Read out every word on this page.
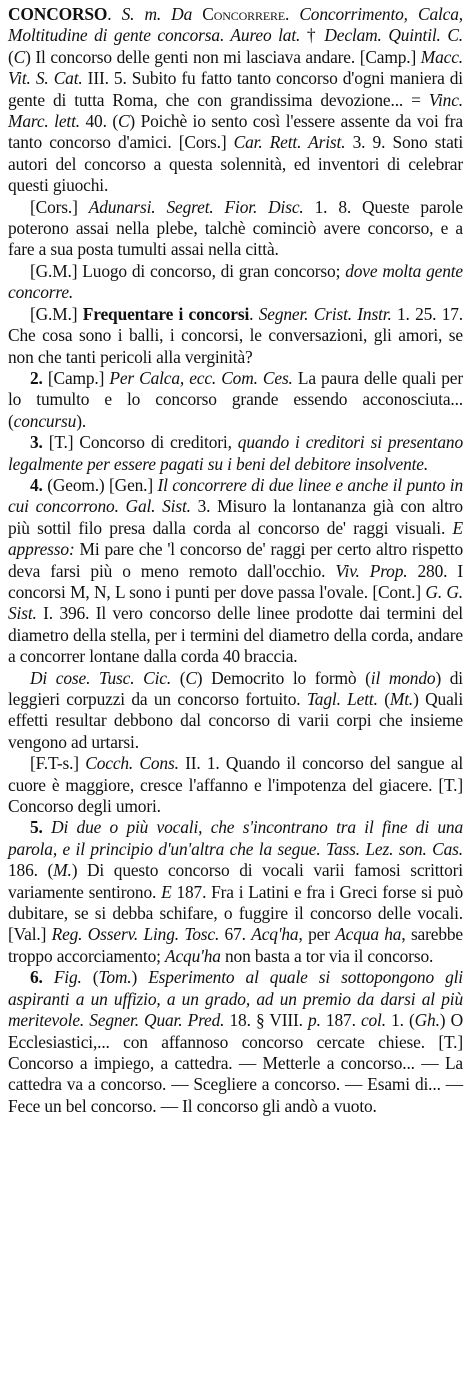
CONCORSO. S. m. Da Concorrere. Concorrimento, Calca, Moltitudine di gente concorsa. Aureo lat. † Declam. Quintil. C. (C) Il concorso delle genti non mi lasciava andare. [Camp.] Macc. Vit. S. Cat. III. 5. Subito fu fatto tanto concorso d'ogni maniera di gente di tutta Roma, che con grandissima devozione... = Vinc. Marc. lett. 40. (C) Poichè io sento così l'essere assente da voi fra tanto concorso d'amici. [Cors.] Car. Rett. Arist. 3. 9. Sono stati autori del concorso a questa solennità, ed inventori di celebrar questi giuochi.

[Cors.] Adunarsi. Segret. Fior. Disc. 1. 8. Queste parole poterono assai nella plebe, talchè cominciò avere concorso, e a fare a sua posta tumulti assai nella città.

[G.M.] Luogo di concorso, di gran concorso; dove molta gente concorre.

[G.M.] Frequentare i concorsi. Segner. Crist. Instr. 1. 25. 17. Che cosa sono i balli, i concorsi, le conversazioni, gli amori, se non che tanti pericoli alla verginità?

2. [Camp.] Per Calca, ecc. Com. Ces. La paura delle quali per lo tumulto e lo concorso grande essendo acconosciuta... (concursu).

3. [T.] Concorso di creditori, quando i creditori si presentano legalmente per essere pagati su i beni del debitore insolvente.

4. (Geom.) [Gen.] Il concorrere di due linee e anche il punto in cui concorrono. Gal. Sist. 3. Misuro la lontananza già con altro più sottil filo presa dalla corda al concorso de' raggi visuali. E appresso: Mi pare che 'l concorso de' raggi per certo altro rispetto deva farsi più o meno remoto dall'occhio. Viv. Prop. 280. I concorsi M, N, L sono i punti per dove passa l'ovale. [Cont.] G. G. Sist. I. 396. Il vero concorso delle linee prodotte dai termini del diametro della stella, per i termini del diametro della corda, andare a concorrer lontane dalla corda 40 braccia.

Di cose. Tusc. Cic. (C) Democrito lo formò (il mondo) di leggieri corpuzzi da un concorso fortuito. Tagl. Lett. (Mt.) Quali effetti resultar debbono dal concorso di varii corpi che insieme vengono ad urtarsi.

[F.T-s.] Cocch. Cons. II. 1. Quando il concorso del sangue al cuore è maggiore, cresce l'affanno e l'impotenza del giacere. [T.] Concorso degli umori.

5. Di due o più vocali, che s'incontrano tra il fine di una parola, e il principio d'un'altra che la segue. Tass. Lez. son. Cas. 186. (M.) Di questo concorso di vocali varii famosi scrittori variamente sentirono. E 187. Fra i Latini e fra i Greci forse si può dubitare, se si debba schifare, o fuggire il concorso delle vocali. [Val.] Reg. Osserv. Ling. Tosc. 67. Acq'ha, per Acqua ha, sarebbe troppo accorciamento; Acqu'ha non basta a tor via il concorso.

6. Fig. (Tom.) Esperimento al quale si sottopongono gli aspiranti a un uffizio, a un grado, ad un premio da darsi al più meritevole. Segner. Quar. Pred. 18. § VIII. p. 187. col. 1. (Gh.) O Ecclesiastici,... con affannoso concorso cercate chiese. [T.] Concorso a impiego, a cattedra. — Metterle a concorso... — La cattedra va a concorso. — Scegliere a concorso. — Esami di... — Fece un bel concorso. — Il concorso gli andò a vuoto.
